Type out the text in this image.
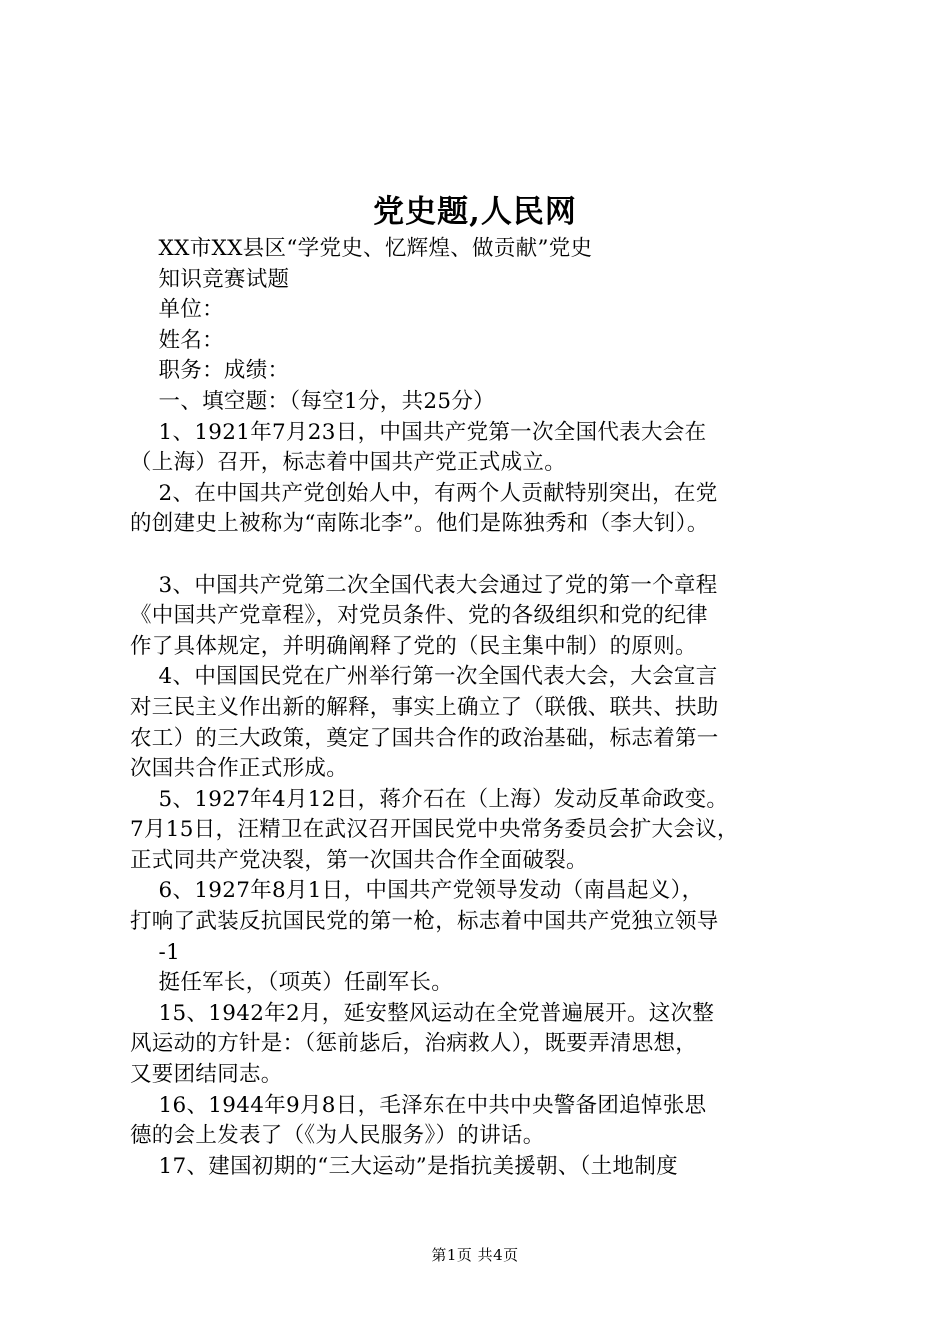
党史题,人民网

XX市XX县区“学党史、忆辉煌、做贡献”党史

知识竞赛试题

单位：

姓名：

职务：成绩：

一、填空题：（每空1分，共25分）

1、1921年7月23日，中国共产党第一次全国代表大会在

（上海）召开，标志着中国共产党正式成立。

2、在中国共产党创始人中，有两个人贡献特别突出，在党

的创建史上被称为“南陈北李”。他们是陈独秀和（李大钊）。

3、中国共产党第二次全国代表大会通过了党的第一个章程

《中国共产党章程》，对党员条件、党的各级组织和党的纪律

作了具体规定，并明确阐释了党的（民主集中制）的原则。

4、中国国民党在广州举行第一次全国代表大会，大会宣言

对三民主义作出新的解释，事实上确立了（联俄、联共、扶助

农工）的三大政策，奠定了国共合作的政治基础，标志着第一

次国共合作正式形成。

5、1927年4月12日，蒋介石在（上海）发动反革命政变。

7月15日，汪精卫在武汉召开国民党中央常务委员会扩大会议，

正式同共产党决裂，第一次国共合作全面破裂。

6、1927年8月1日，中国共产党领导发动（南昌起义），

打响了武装反抗国民党的第一枪，标志着中国共产党独立领导

-1

挺任军长，（项英）任副军长。

15、1942年2月，延安整风运动在全党普遍展开。这次整

风运动的方针是：（惩前毖后，治病救人），既要弄清思想，

又要团结同志。

16、1944年9月8日，毛泽东在中共中央警备团追悼张思

德的会上发表了（《为人民服务》）的讲话。

17、建国初期的“三大运动”是指抗美援朝、（土地制度

第1页 共4页
